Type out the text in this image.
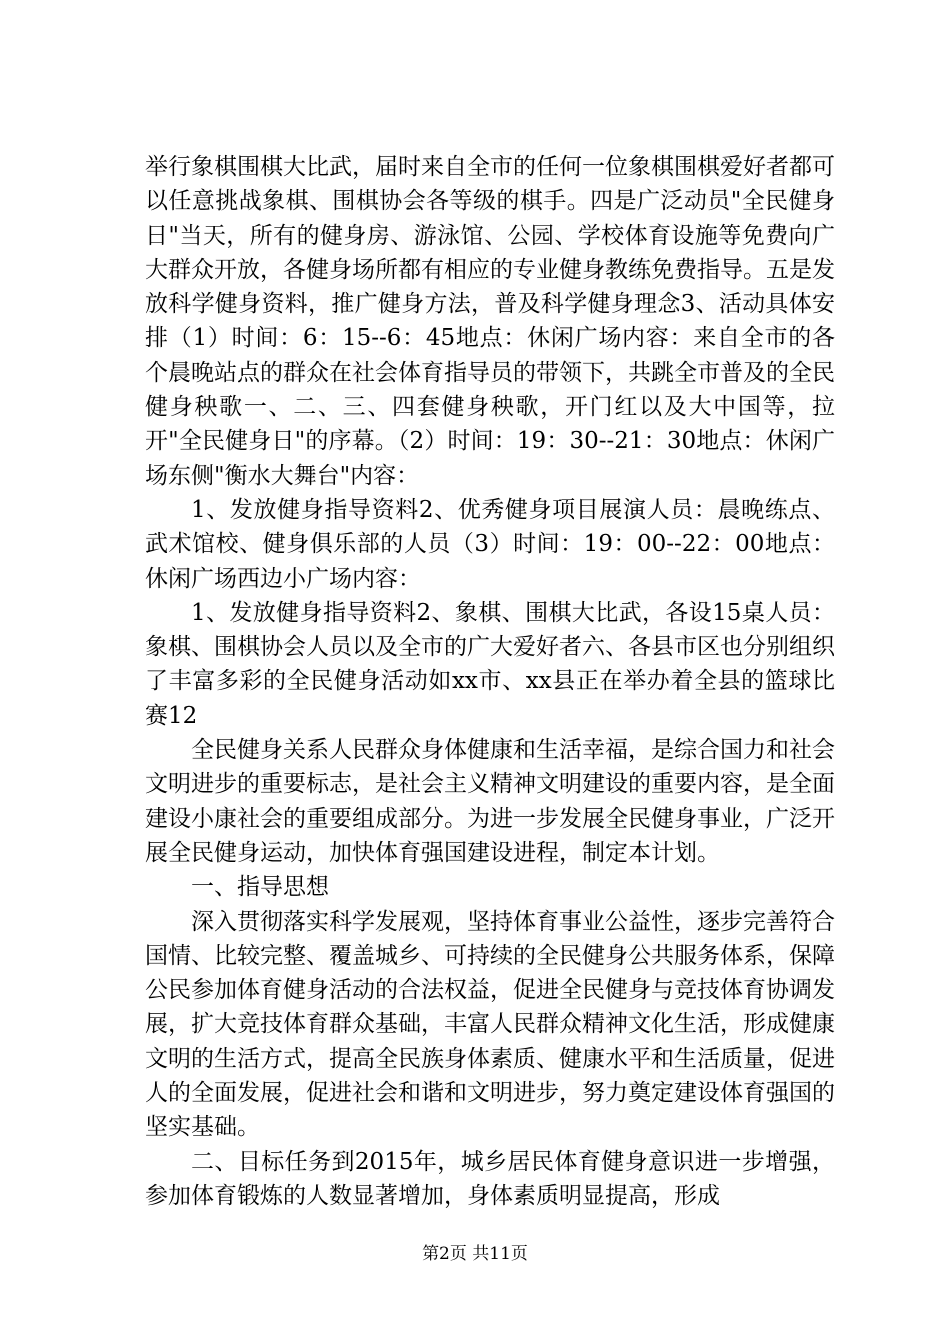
举行象棋围棋大比武，届时来自全市的任何一位象棋围棋爱好者都可以任意挑战象棋、围棋协会各等级的棋手。四是广泛动员"全民健身日"当天，所有的健身房、游泳馆、公园、学校体育设施等免费向广大群众开放，各健身场所都有相应的专业健身教练免费指导。五是发放科学健身资料，推广健身方法，普及科学健身理念3、活动具体安排（1）时间：6：15--6：45地点：休闲广场内容：来自全市的各个晨晚站点的群众在社会体育指导员的带领下，共跳全市普及的全民健身秧歌一、二、三、四套健身秧歌，开门红以及大中国等，拉开"全民健身日"的序幕。（2）时间：19：30--21：30地点：休闲广场东侧"衡水大舞台"内容：

1、发放健身指导资料2、优秀健身项目展演人员：晨晚练点、武术馆校、健身俱乐部的人员（3）时间：19：00--22：00地点：休闲广场西边小广场内容：

1、发放健身指导资料2、象棋、围棋大比武，各设15桌人员：象棋、围棋协会人员以及全市的广大爱好者六、各县市区也分别组织了丰富多彩的全民健身活动如xx市、xx县正在举办着全县的篮球比赛12

全民健身关系人民群众身体健康和生活幸福，是综合国力和社会文明进步的重要标志，是社会主义精神文明建设的重要内容，是全面建设小康社会的重要组成部分。为进一步发展全民健身事业，广泛开展全民健身运动，加快体育强国建设进程，制定本计划。

一、指导思想

深入贯彻落实科学发展观，坚持体育事业公益性，逐步完善符合国情、比较完整、覆盖城乡、可持续的全民健身公共服务体系，保障公民参加体育健身活动的合法权益，促进全民健身与竞技体育协调发展，扩大竞技体育群众基础，丰富人民群众精神文化生活，形成健康文明的生活方式，提高全民族身体素质、健康水平和生活质量，促进人的全面发展，促进社会和谐和文明进步，努力奠定建设体育强国的坚实基础。

二、目标任务到2015年，城乡居民体育健身意识进一步增强，参加体育锻炼的人数显著增加，身体素质明显提高，形成

第2页 共11页
